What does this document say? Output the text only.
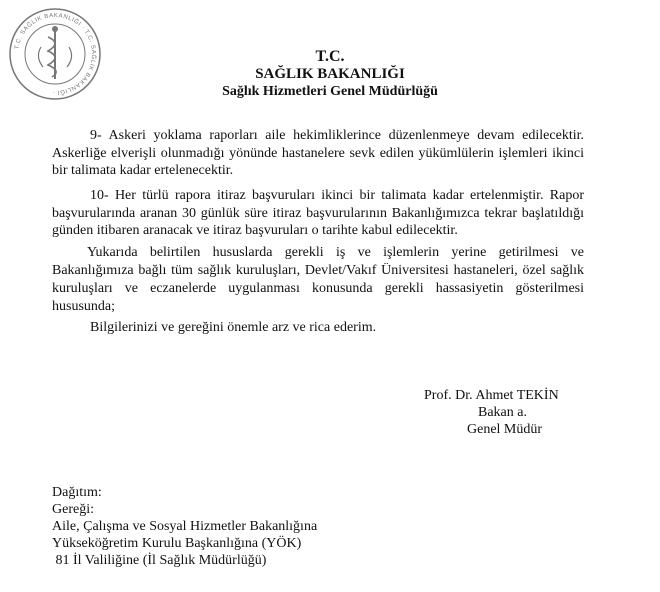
T.C. SAĞLIK BAKANLIĞI · T.C. SAĞLIK BAKANLIĞI ·
T.C.
SAĞLIK BAKANLIĞI
Sağlık Hizmetleri Genel Müdürlüğü
9- Askeri yoklama raporları aile hekimliklerince düzenlenmeye devam edilecektir.
Askerliğe elverişli olunmadığı yönünde hastanelere sevk edilen yükümlülerin işlemleri ikinci
bir talimata kadar ertelenecektir.
10- Her türlü rapora itiraz başvuruları ikinci bir talimata kadar ertelenmiştir. Rapor
başvurularında aranan 30 günlük süre itiraz başvurularının Bakanlığımızca tekrar başlatıldığı
günden itibaren aranacak ve itiraz başvuruları o tarihte kabul edilecektir.
Yukarıda belirtilen hususlarda gerekli iş ve işlemlerin yerine getirilmesi ve
Bakanlığımıza bağlı tüm sağlık kuruluşları, Devlet/Vakıf Üniversitesi hastaneleri, özel sağlık
kuruluşları ve eczanelerde uygulanması konusunda gerekli hassasiyetin gösterilmesi
hususunda;
Bilgilerinizi ve gereğini önemle arz ve rica ederim.
Prof. Dr. Ahmet TEKİN
Bakan a.
Genel Müdür
Dağıtım:
Gereği:
Aile, Çalışma ve Sosyal Hizmetler Bakanlığına
Yükseköğretim Kurulu Başkanlığına (YÖK)
81 İl Valiliğine (İl Sağlık Müdürlüğü)
